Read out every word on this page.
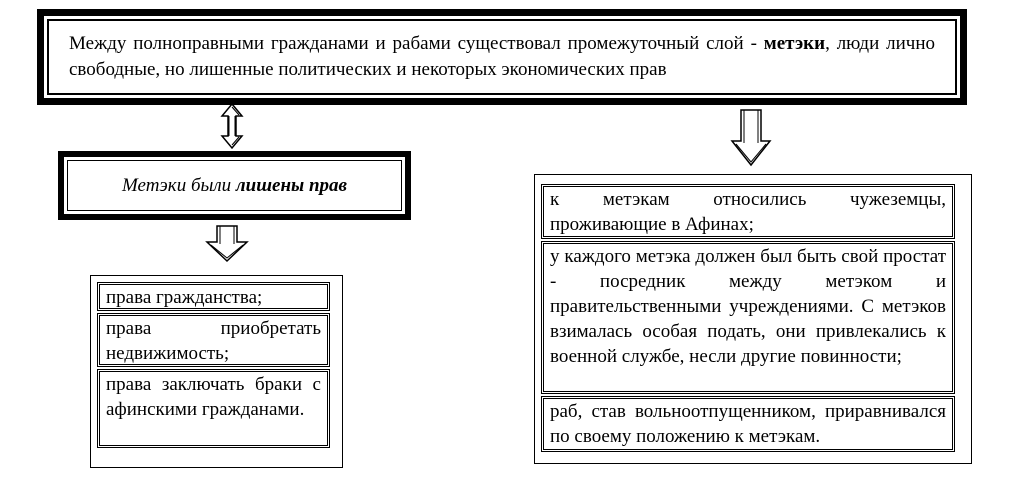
Между полноправными гражданами и рабами существовал промежуточный слой - метэки, люди лично свободные, но лишенные политических и некоторых экономических прав
Метэки были
лишены прав
права гражданства;
права приобретать недвижимость;
права заключать браки с афинскими гражданами.
к метэкам относились чужеземцы, проживающие в Афинах;
у каждого метэка должен был быть свой простат - посредник между метэком и правительственными учреждениями. С метэков взималась особая подать, они привлекались к военной службе, несли другие повинности;
раб, став вольноотпущенником, приравнивался по своему положению к метэкам.
